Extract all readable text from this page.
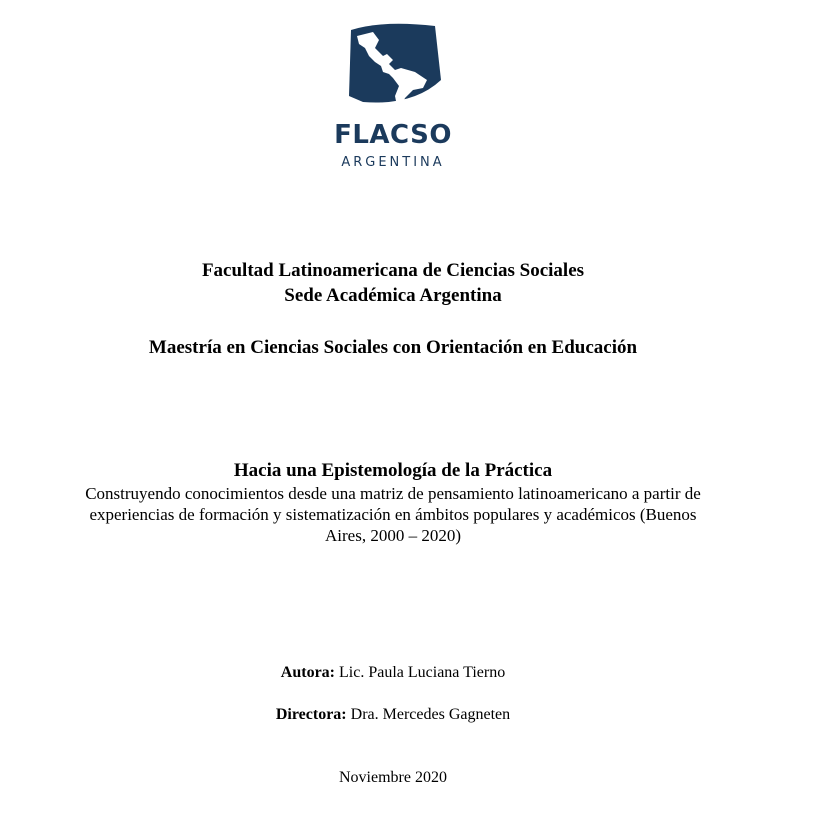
FLACSO
ARGENTINA
Facultad Latinoamericana de Ciencias Sociales
Sede Académica Argentina
Maestría en Ciencias Sociales con Orientación en Educación
Hacia una Epistemología de la Práctica
Construyendo conocimientos desde una matriz de pensamiento latinoamericano a partir de
experiencias de formación y sistematización en ámbitos populares y académicos (Buenos
Aires, 2000 – 2020)
Autora: Lic. Paula Luciana Tierno
Directora: Dra. Mercedes Gagneten
Noviembre 2020
